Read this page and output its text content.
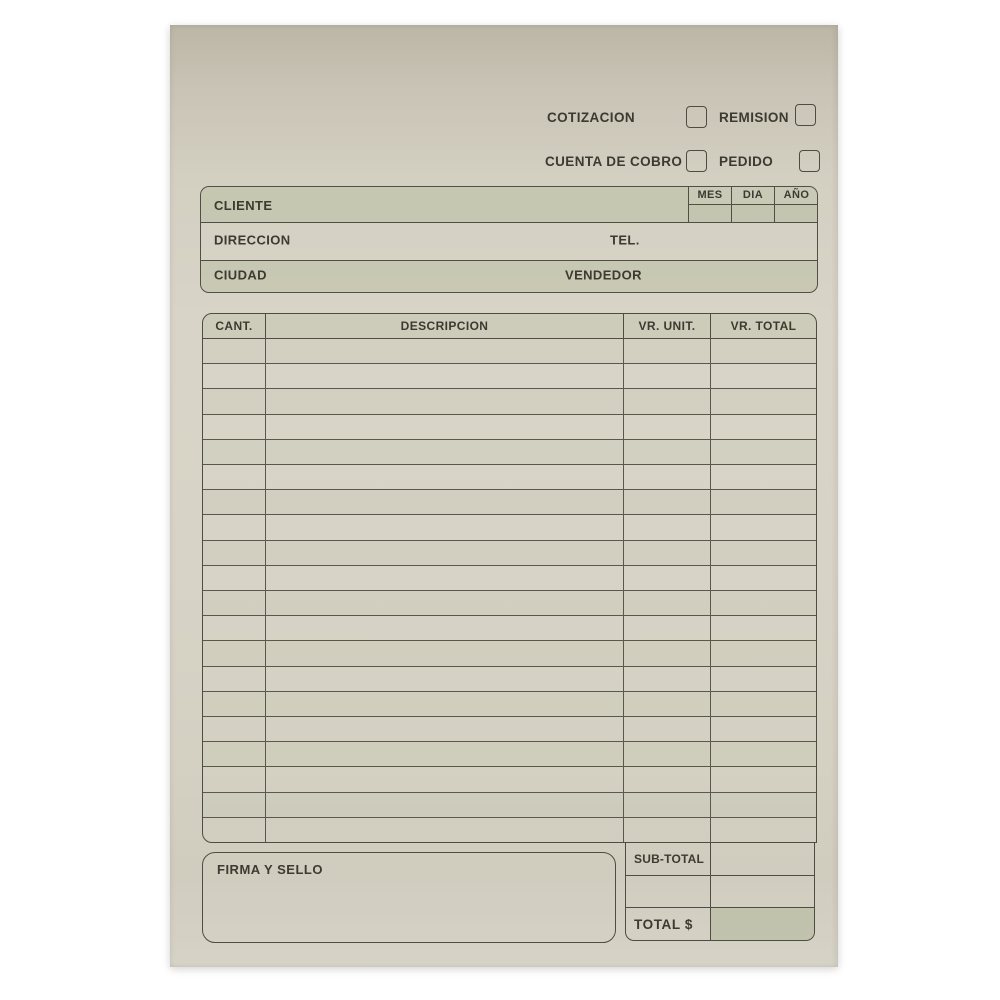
COTIZACION	REMISION
CUENTA DE COBRO	PEDIDO
CLIENTE
MES	DIA	AÑO
DIRECCION	TEL.
CIUDAD	VENDEDOR
CANT.	DESCRIPCION	VR. UNIT.	VR. TOTAL
SUB-TOTAL
TOTAL $
FIRMA Y SELLO
